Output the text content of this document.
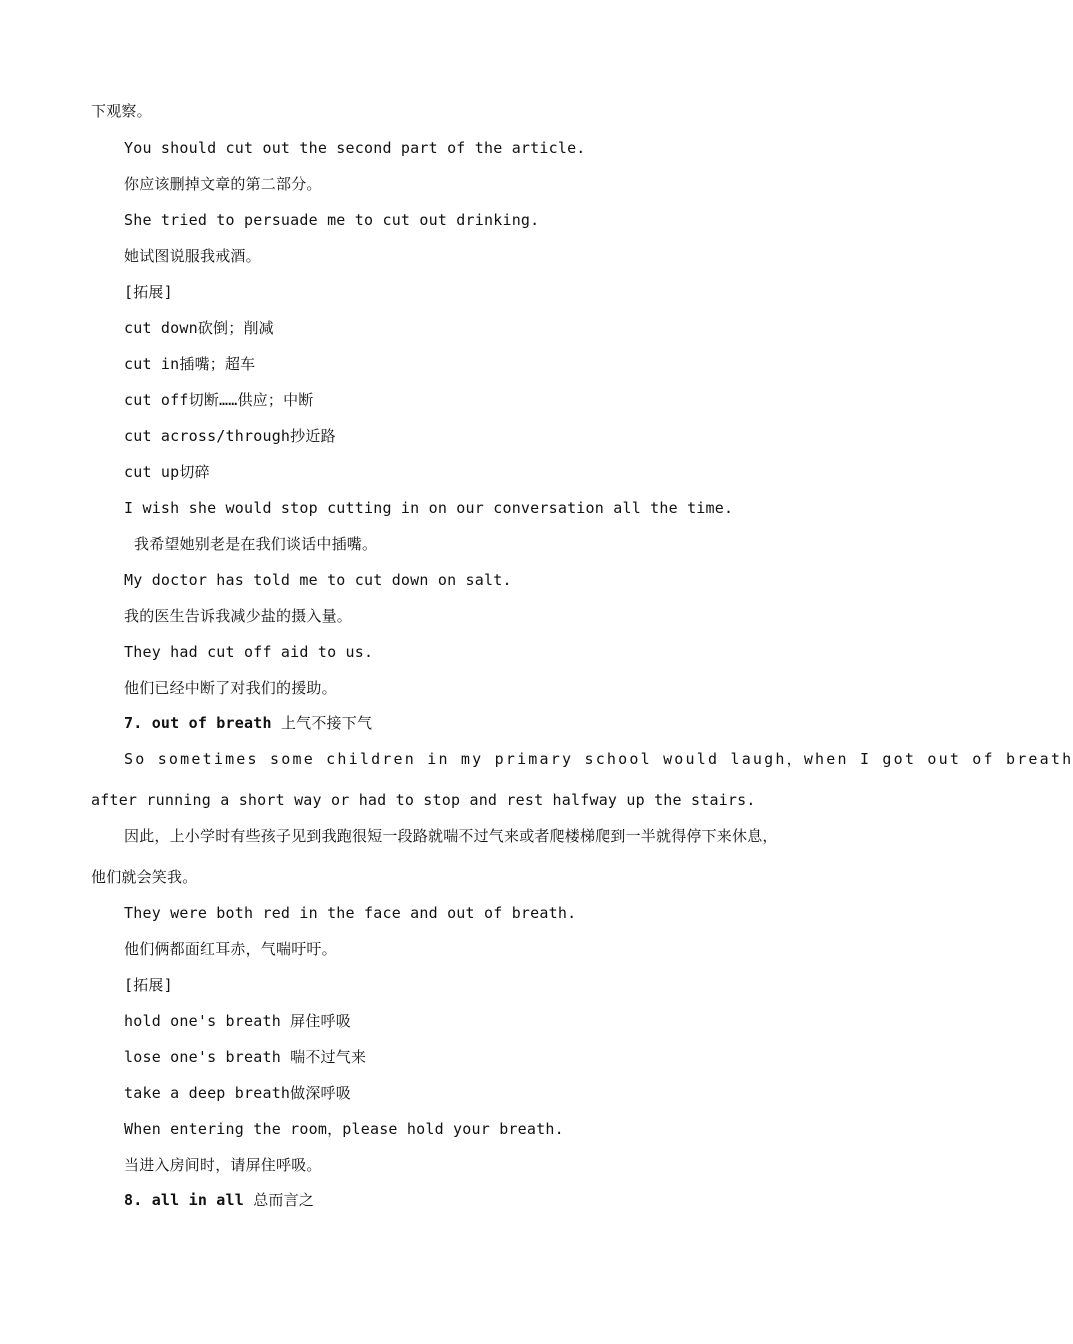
下观察。
You should cut out the second part of the article.
你应该删掉文章的第二部分。
She tried to persuade me to cut out drinking.
她试图说服我戒酒。
[拓展]
cut down砍倒；削减
cut in插嘴；超车
cut off切断……供应；中断
cut across/through抄近路
cut up切碎
I wish she would stop cutting in on our conversation all the time.
我希望她别老是在我们谈话中插嘴。
My doctor has told me to cut down on salt.
我的医生告诉我减少盐的摄入量。
They had cut off aid to us.
他们已经中断了对我们的援助。
7. out of breath 上气不接下气
So sometimes some children in my primary school would laugh，when I got out of breath
after running a short way or had to stop and rest halfway up the stairs.
因此，上小学时有些孩子见到我跑很短一段路就喘不过气来或者爬楼梯爬到一半就得停下来休息，
他们就会笑我。
They were both red in the face and out of breath.
他们俩都面红耳赤，气喘吁吁。
[拓展]
hold one's breath 屏住呼吸
lose one's breath 喘不过气来
take a deep breath做深呼吸
When entering the room，please hold your breath.
当进入房间时，请屏住呼吸。
8. all in all 总而言之
